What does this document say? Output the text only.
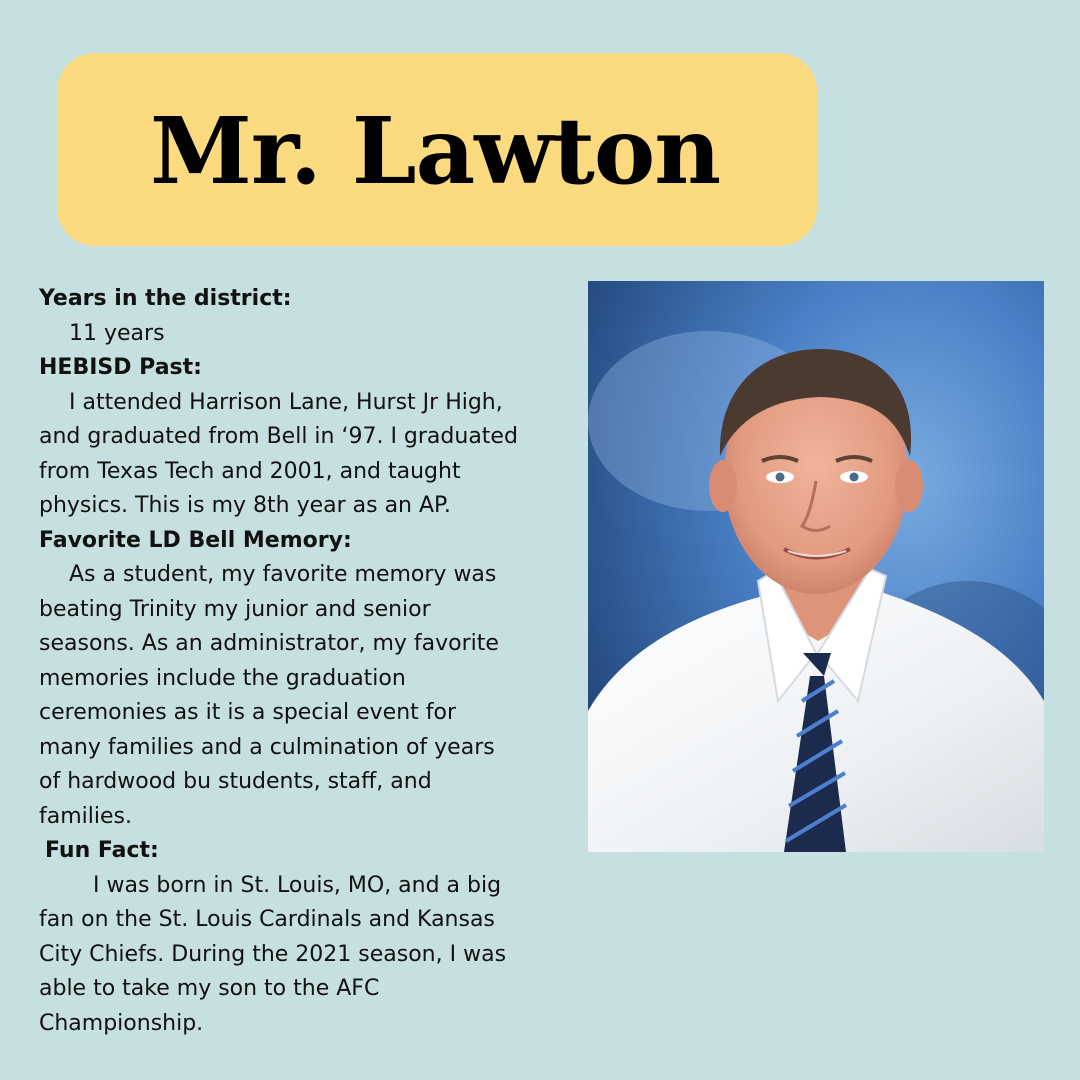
Mr. Lawton
Years in the district:
11 years
HEBISD Past:
I attended Harrison Lane, Hurst Jr High,
and graduated from Bell in ‘97. I graduated
from Texas Tech and 2001, and taught
physics. This is my 8th year as an AP.
Favorite LD Bell Memory:
As a student, my favorite memory was
beating Trinity my junior and senior
seasons. As an administrator, my favorite
memories include the graduation
ceremonies as it is a special event for
many families and a culmination of years
of hardwood bu students, staff, and
families.
Fun Fact:
I was born in St. Louis, MO, and a big
fan on the St. Louis Cardinals and Kansas
City Chiefs. During the 2021 season, I was
able to take my son to the AFC
Championship.
